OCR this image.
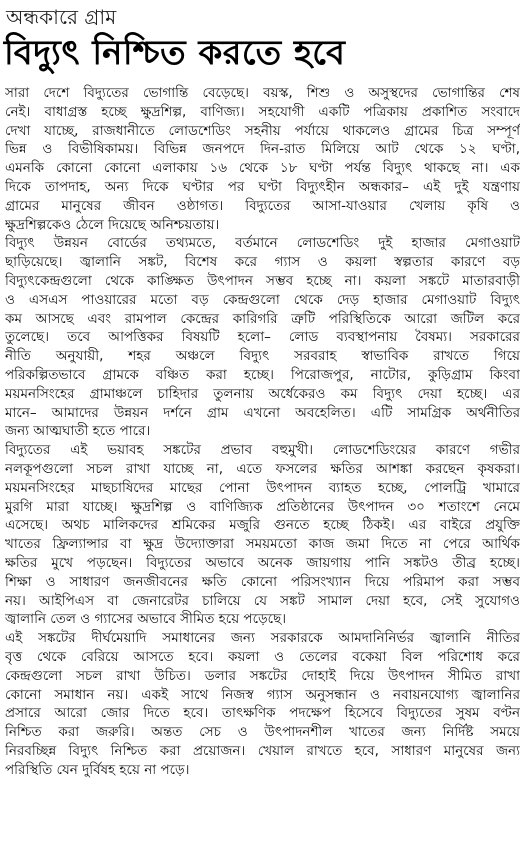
অন্ধকারে গ্রাম
বিদ্যুৎ নিশ্চিত করতে হবে
সারা দেশে বিদ্যুতের ভোগান্তি বেড়েছে। বয়স্ক, শিশু ও অসুস্থদের ভোগান্তির শেষ
নেই। বাধাগ্রস্ত হচ্ছে ক্ষুদ্রশিল্প, বাণিজ্য। সহযোগী একটি পত্রিকায় প্রকাশিত সংবাদে
দেখা যাচ্ছে, রাজধানীতে লোডশেডিং সহনীয় পর্যায়ে থাকলেও গ্রামের চিত্র সম্পূর্ণ
ভিন্ন ও বিভীষিকাময়। বিভিন্ন জনপদে দিন-রাত মিলিয়ে আট থেকে ১২ ঘণ্টা,
এমনকি কোনো কোনো এলাকায় ১৬ থেকে ১৮ ঘণ্টা পর্যন্ত বিদ্যুৎ থাকছে না। এক
দিকে তাপদাহ, অন্য দিকে ঘণ্টার পর ঘণ্টা বিদ্যুৎহীন অন্ধকার– এই দুই যন্ত্রণায়
গ্রামের মানুষের জীবন ওষ্ঠাগত। বিদ্যুতের আসা-যাওয়ার খেলায় কৃষি ও
ক্ষুদ্রশিল্পকেও ঠেলে দিয়েছে অনিশ্চয়তায়।
বিদ্যুৎ উন্নয়ন বোর্ডের তথ্যমতে, বর্তমানে লোডশেডিং দুই হাজার মেগাওয়াট
ছাড়িয়েছে। জ্বালানি সঙ্কট, বিশেষ করে গ্যাস ও কয়লা স্বল্পতার কারণে বড়
বিদ্যুৎকেন্দ্রগুলো থেকে কাঙ্ক্ষিত উৎপাদন সম্ভব হচ্ছে না। কয়লা সঙ্কটে মাতারবাড়ী
ও এসএস পাওয়ারের মতো বড় কেন্দ্রগুলো থেকে দেড় হাজার মেগাওয়াট বিদ্যুৎ
কম আসছে এবং রামপাল কেন্দ্রের কারিগরি ত্রুটি পরিস্থিতিকে আরো জটিল করে
তুলেছে। তবে আপত্তিকর বিষয়টি হলো– লোড ব্যবস্থাপনায় বৈষম্য। সরকারের
নীতি অনুযায়ী, শহর অঞ্চলে বিদ্যুৎ সরবরাহ স্বাভাবিক রাখতে গিয়ে
পরিকল্পিতভাবে গ্রামকে বঞ্চিত করা হচ্ছে। পিরোজপুর, নাটোর, কুড়িগ্রাম কিংবা
ময়মনসিংহের গ্রামাঞ্চলে চাহিদার তুলনায় অর্ধেকেরও কম বিদ্যুৎ দেয়া হচ্ছে। এর
মানে– আমাদের উন্নয়ন দর্শনে গ্রাম এখনো অবহেলিত। এটি সামগ্রিক অর্থনীতির
জন্য আত্মঘাতী হতে পারে।
বিদ্যুতের এই ভয়াবহ সঙ্কটের প্রভাব বহুমুখী। লোডশেডিংয়ের কারণে গভীর
নলকূপগুলো সচল রাখা যাচ্ছে না, এতে ফসলের ক্ষতির আশঙ্কা করছেন কৃষকরা।
ময়মনসিংহের মাছচাষিদের মাছের পোনা উৎপাদন ব্যাহত হচ্ছে, পোলট্রি খামারে
মুরগি মারা যাচ্ছে। ক্ষুদ্রশিল্প ও বাণিজ্যিক প্রতিষ্ঠানের উৎপাদন ৩০ শতাংশে নেমে
এসেছে। অথচ মালিকদের শ্রমিকের মজুরি গুনতে হচ্ছে ঠিকই। এর বাইরে প্রযুক্তি
খাতের ফ্রিল্যান্সার বা ক্ষুদ্র উদ্যোক্তারা সময়মতো কাজ জমা দিতে না পেরে আর্থিক
ক্ষতির মুখে পড়ছেন। বিদ্যুতের অভাবে অনেক জায়গায় পানি সঙ্কটও তীব্র হচ্ছে।
শিক্ষা ও সাধারণ জনজীবনের ক্ষতি কোনো পরিসংখ্যান দিয়ে পরিমাপ করা সম্ভব
নয়। আইপিএস বা জেনারেটর চালিয়ে যে সঙ্কট সামাল দেয়া হবে, সেই সুযোগও
জ্বালানি তেল ও গ্যাসের অভাবে সীমিত হয়ে পড়েছে।
এই সঙ্কটের দীর্ঘমেয়াদি সমাধানের জন্য সরকারকে আমদানিনির্ভর জ্বালানি নীতির
বৃত্ত থেকে বেরিয়ে আসতে হবে। কয়লা ও তেলের বকেয়া বিল পরিশোধ করে
কেন্দ্রগুলো সচল রাখা উচিত। ডলার সঙ্কটের দোহাই দিয়ে উৎপাদন সীমিত রাখা
কোনো সমাধান নয়। একই সাথে নিজস্ব গ্যাস অনুসন্ধান ও নবায়নযোগ্য জ্বালানির
প্রসারে আরো জোর দিতে হবে। তাৎক্ষণিক পদক্ষেপ হিসেবে বিদ্যুতের সুষম বণ্টন
নিশ্চিত করা জরুরি। অন্তত সেচ ও উৎপাদনশীল খাতের জন্য নির্দিষ্ট সময়ে
নিরবচ্ছিন্ন বিদ্যুৎ নিশ্চিত করা প্রয়োজন। খেয়াল রাখতে হবে, সাধারণ মানুষের জন্য
পরিস্থিতি যেন দুর্বিষহ হয়ে না পড়ে।
